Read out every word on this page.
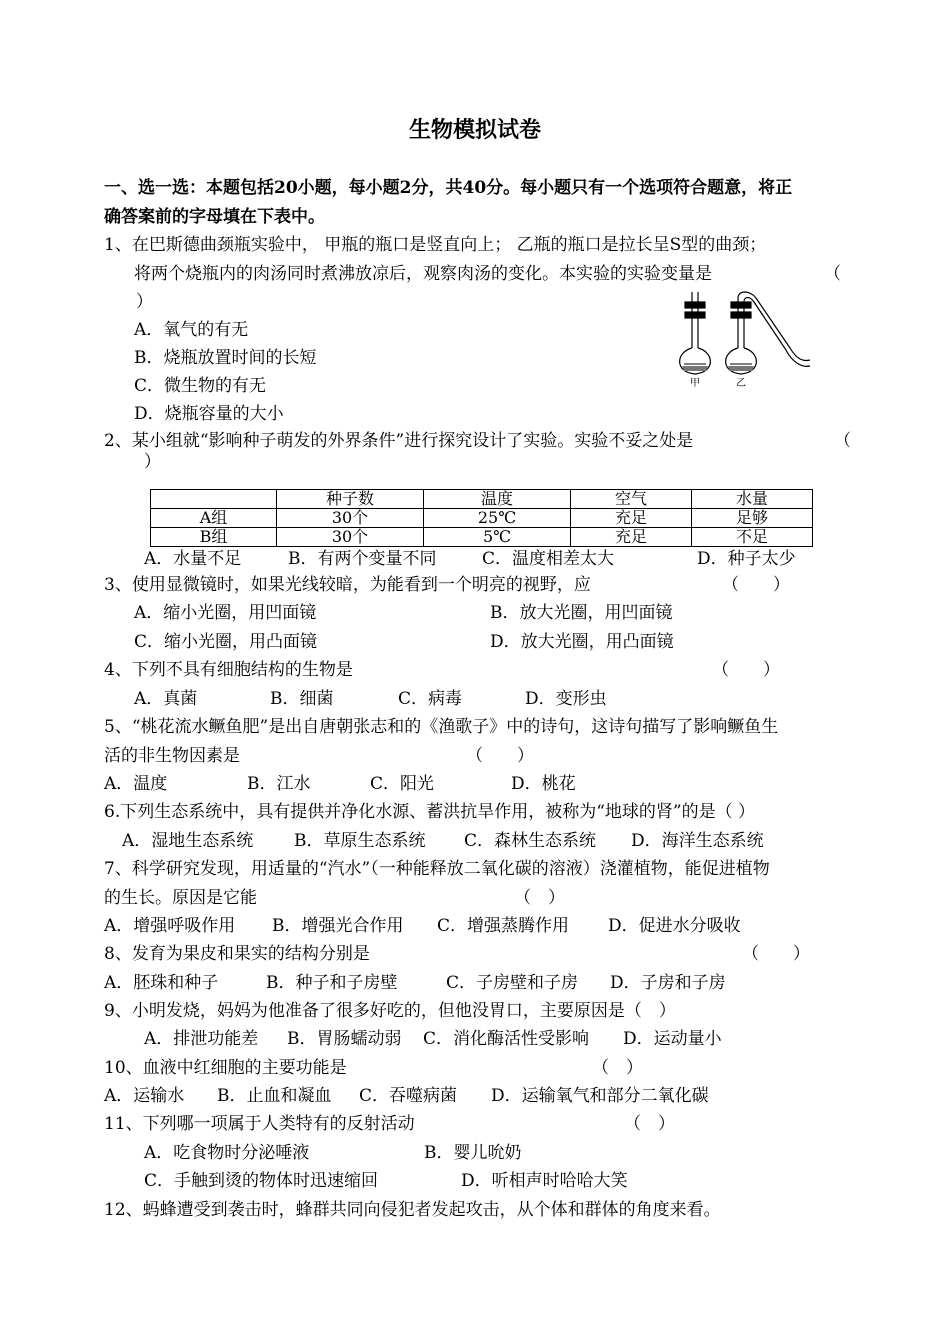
生物模拟试卷
一、选一选：本题包括20小题，每小题2分，共40分。每小题只有一个选项符合题意，将正
确答案前的字母填在下表中。
1、在巴斯德曲颈瓶实验中， 甲瓶的瓶口是竖直向上； 乙瓶的瓶口是拉长呈S型的曲颈；
将两个烧瓶内的肉汤同时煮沸放凉后，观察肉汤的变化。本实验的实验变量是	（
）
A．氧气的有无
B．烧瓶放置时间的长短
C．微生物的有无
D．烧瓶容量的大小
甲	乙
2、某小组就“影响种子萌发的外界条件”进行探究设计了实验。实验不妥之处是	（
）
	种子数	温度	空气	水量
A组	30个	25℃	充足	足够
B组	30个	5℃	充足	不足
A．水量不足	B．有两个变量不同	C．温度相差太大	D．种子太少
3、使用显微镜时，如果光线较暗，为能看到一个明亮的视野，应	（　　）
A．缩小光圈，用凹面镜	B．放大光圈，用凹面镜
C．缩小光圈，用凸面镜	D．放大光圈，用凸面镜
4、下列不具有细胞结构的生物是	（　　）
A．真菌	B．细菌	C．病毒	D．变形虫
5、“桃花流水鳜鱼肥”是出自唐朝张志和的《渔歌子》中的诗句，这诗句描写了影响鳜鱼生
活的非生物因素是	（　　）
A．温度	B．江水	C．阳光	D．桃花
6.下列生态系统中，具有提供并净化水源、蓄洪抗旱作用，被称为“地球的肾”的是（ ）
A．湿地生态系统 B．草原生态系统 C．森林生态系统 D．海洋生态系统
7、科学研究发现，用适量的“汽水”（一种能释放二氧化碳的溶液）浇灌植物，能促进植物
的生长。原因是它能	（　）
A．增强呼吸作用 B．增强光合作用 C．增强蒸腾作用 D．促进水分吸收
8、发育为果皮和果实的结构分别是	（　　）
A．胚珠和种子	B．种子和子房壁	C．子房壁和子房 D．子房和子房
9、小明发烧，妈妈为他准备了很多好吃的，但他没胃口，主要原因是（　）
A．排泄功能差 B．胃肠蠕动弱 C．消化酶活性受影响 D．运动量小
10、血液中红细胞的主要功能是	（　）
A．运输水 B．止血和凝血 C．吞噬病菌 D．运输氧气和部分二氧化碳
11、下列哪一项属于人类特有的反射活动	（　）
A．吃食物时分泌唾液	B．婴儿吮奶
C．手触到烫的物体时迅速缩回	D．听相声时哈哈大笑
12、蚂蜂遭受到袭击时，蜂群共同向侵犯者发起攻击，从个体和群体的角度来看。
